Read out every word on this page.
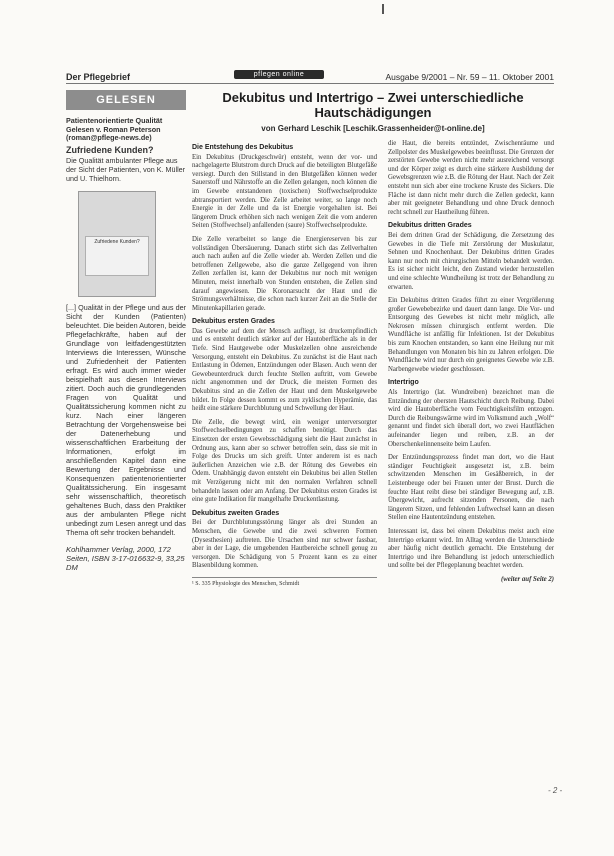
Der Pflegebrief	pflegen online	Ausgabe 9/2001 – Nr. 59 – 11. Oktober 2001
GELESEN
Patientenorientierte Qualität
Gelesen v. Roman Peterson
(roman@pflege-news.de)
Zufriedene Kunden?
Die Qualität ambulanter Pflege aus der Sicht der Patienten, von K. Müller und U. Thielhorn.
Zufriedene Kunden?
[...] Qualität in der Pflege und aus der Sicht der Kunden (Patienten) beleuchtet. Die beiden Autoren, beide Pflegefachkräfte, haben auf der Grundlage von leitfadengestützten Interviews die Interessen, Wünsche und Zufriedenheit der Patienten erfragt. Es wird auch immer wieder beispielhaft aus diesen Interviews zitiert. Doch auch die grundlegenden Fragen von Qualität und Qualitätssicherung kommen nicht zu kurz. Nach einer längeren Betrachtung der Vorgehensweise bei der Datenerhebung und wissenschaftlichen Erarbeitung der Informationen, erfolgt im anschließenden Kapitel dann eine Bewertung der Ergebnisse und Konsequenzen patientenorientierter Qualitätssicherung. Ein insgesamt sehr wissenschaftlich, theoretisch gehaltenes Buch, dass den Praktiker aus der ambulanten Pflege nicht unbedingt zum Lesen anregt und das Thema oft sehr trocken behandelt.
Kohlhammer Verlag, 2000, 172 Seiten, ISBN 3-17-016632-9, 33,25 DM
Dekubitus und Intertrigo – Zwei unterschiedliche Hautschädigungen
von Gerhard Leschik [Leschik.Grassenheider@t-online.de]
Die Entstehung des Dekubitus

Ein Dekubitus (Druckgeschwür) entsteht, wenn der vor- und nachgelagerte Blutstrom durch Druck auf die beteiligten Blutgefäße versiegt. Durch den Stillstand in den Blutgefäßen können weder Sauerstoff und Nährstoffe an die Zellen gelangen, noch können die im Gewebe entstandenen (toxischen) Stoffwechselprodukte abtransportiert werden. Die Zelle arbeitet weiter, so lange noch Energie in der Zelle und da ist Energie vorgehalten ist. Bei längerem Druck erhöhen sich nach wenigen Zeit die vom anderen Seiten (Stoffwechsel) anfallenden (saure) Stoffwechselprodukte.

Die Zelle verarbeitet so lange die Energiereserven bis zur vollständigen Übersäuerung. Danach stirbt sich das Zellverhalten auch nach außen auf die Zelle wieder ab. Werden Zellen und die betroffenen Zellgewebe, also die ganze Zellgegend von ihren Zellen zerfallen ist, kann der Dekubitus nur noch mit wenigen Minuten, meist innerhalb von Stunden entstehen, die Zellen sind darauf angewiesen. Die Koronarsucht der Haut und die Strömungsverhältnisse, die schon nach kurzer Zeit an die Stelle der Minutenkapillarien gerade.

Dekubitus ersten Grades

Das Gewebe auf dem der Mensch aufliegt, ist druckempfindlich und es entsteht deutlich stärker auf der Hautoberfläche als in der Tiefe. Sind Hautgewebe oder Muskelzellen ohne ausreichende Versorgung, entsteht ein Dekubitus. Zu zunächst ist die Haut nach Entlastung in Ödemen, Entzündungen oder Blasen. Auch wenn der Gewebeunterdruck durch feuchte Stellen auftritt, vom Gewebe nicht angenommen und der Druck, die meisten Formen des Dekubitus sind an die Zellen der Haut und dem Muskelgewebe bildet. In Folge dessen kommt es zum zyklischen Hyperämie, das heißt eine stärkere Durchblutung und Schwellung der Haut.

Die Zelle, die bewegt wird, ein weniger unterversorgter Stoffwechselbedingungen zu schaffen benötigt. Durch das Einsetzen der ersten Gewebsschädigung sieht die Haut zunächst in Ordnung aus, kann aber so schwer betroffen sein, dass sie mit in Folge des Drucks um sich greift. Unter anderem ist es nach äußerlichen Anzeichen wie z.B. der Rötung des Gewebes ein Ödem. Unabhängig davon entsteht ein Dekubitus bei allen Stellen mit Verzögerung nicht mit den normalen Verfahren schnell behandeln lassen oder am Anfang. Der Dekubitus ersten Grades ist eine gute Indikation für mangelhafte Druckentlastung.

Dekubitus zweiten Grades

Bei der Durchblutungsstörung länger als drei Stunden an Menschen, die Gewebe und die zwei schweren Formen (Dysesthesien) auftreten. Die Ursachen sind nur schwer fassbar, aber in der Lage, die umgebenden Hautbereiche schnell genug zu versorgen. Die Schädigung von 5 Prozent kann es zu einer Blasenbildung kommen.

¹ S. 335 Physiologie des Menschen, Schmidt

die Haut, die bereits entzündet, Zwischenräume und Zellpolster des Muskelgewebes beeinflusst. Die Grenzen der zerstörten Gewebe werden nicht mehr ausreichend versorgt und der Körper zeigt es durch eine stärkere Ausbildung der Gewebsgrenzen wie z.B. die Rötung der Haut. Nach der Zeit entsteht nun sich aber eine trockene Kruste des Sickers. Die Fläche ist dann nicht mehr durch die Zellen gedeckt, kann aber mit geeigneter Behandlung und ohne Druck dennoch recht schnell zur Hautheilung führen.

Dekubitus dritten Grades

Bei dem dritten Grad der Schädigung, die Zersetzung des Gewebes in die Tiefe mit Zerstörung der Muskulatur, Sehnen und Knochenhaut. Der Dekubitus dritten Grades kann nur noch mit chirurgischen Mitteln behandelt werden. Es ist sicher nicht leicht, den Zustand wieder herzustellen und eine schlechte Wundheilung ist trotz der Behandlung zu erwarten.

Ein Dekubitus dritten Grades führt zu einer Vergrößerung großer Gewebebezirke und dauert dann lange. Die Vor- und Entsorgung des Gewebes ist nicht mehr möglich, alle Nekrosen müssen chirurgisch entfernt werden. Die Wundfläche ist anfällig für Infektionen. Ist der Dekubitus bis zum Knochen entstanden, so kann eine Heilung nur mit Behandlungen von Monaten bis hin zu Jahren erfolgen. Die Wundfläche wird nur durch ein geeignetes Gewebe wie z.B. Narbengewebe wieder geschlossen.

Intertrigo

Als Intertrigo (lat. Wundreiben) bezeichnet man die Entzündung der obersten Hautschicht durch Reibung. Dabei wird die Hautoberfläche vom Feuchtigkeitsfilm entzogen. Durch die Reibungswärme wird im Volksmund auch „Wolf“ genannt und findet sich überall dort, wo zwei Hautflächen aufeinander liegen und reiben, z.B. an der Oberschenkelinnenseite beim Laufen.

Der Entzündungsprozess findet man dort, wo die Haut ständiger Feuchtigkeit ausgesetzt ist, z.B. beim schwitzenden Menschen im Gesäßbereich, in der Leistenbeuge oder bei Frauen unter der Brust. Durch die feuchte Haut reibt diese bei ständiger Bewegung auf, z.B. Übergewicht, aufrecht sitzenden Personen, die nach längerem Sitzen, und fehlenden Luftwechsel kann an diesen Stellen eine Hautentzündung entstehen.

Interessant ist, dass bei einem Dekubitus meist auch eine Intertrigo erkannt wird. Im Alltag werden die Unterschiede aber häufig nicht deutlich gemacht. Die Entstehung der Intertrigo und ihre Behandlung ist jedoch unterschiedlich und sollte bei der Pflegeplanung beachtet werden.

(weiter auf Seite 2)
- 2 -
